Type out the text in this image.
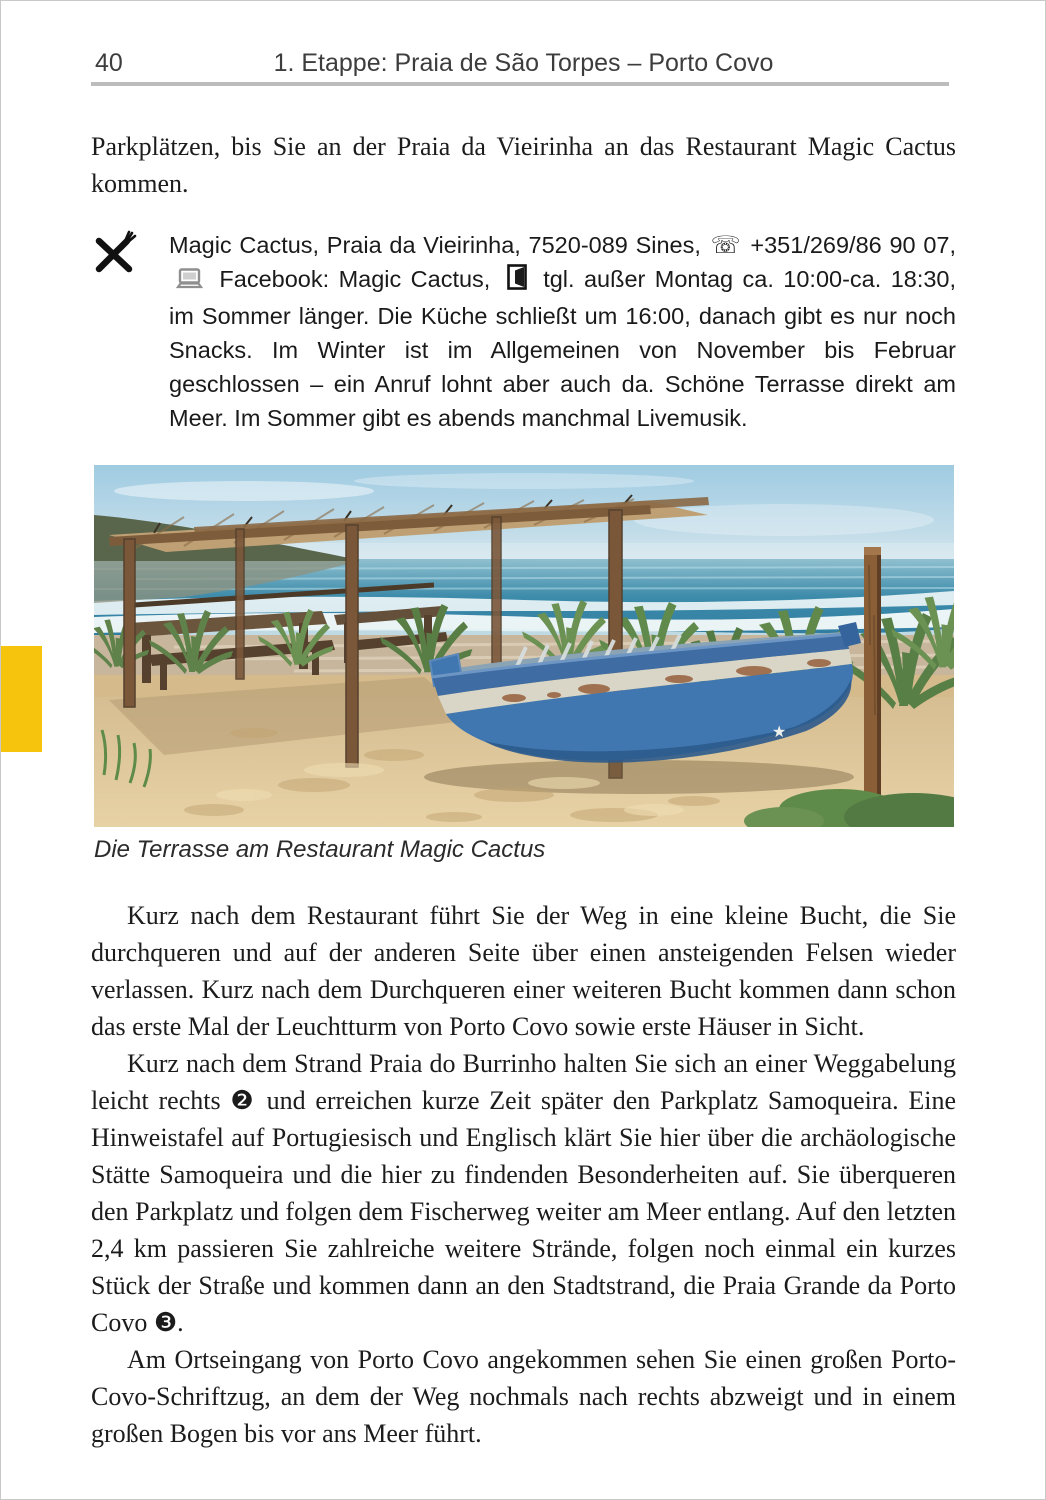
40	1. Etappe: Praia de São Torpes – Porto Covo

Parkplätzen, bis Sie an der Praia da Vieirinha an das Restaurant Magic Cactus kommen.

Magic Cactus, Praia da Vieirinha, 7520-089 Sines, ☏ +351/269/86 90 07,  Facebook: Magic Cactus, tgl. außer Montag ca. 10:00-ca. 18:30, im Sommer länger. Die Küche schließt um 16:00, danach gibt es nur noch Snacks. Im Winter ist im Allgemeinen von November bis Februar geschlossen – ein Anruf lohnt aber auch da. Schöne Terrasse direkt am Meer. Im Sommer gibt es abends manchmal Livemusik.
★
Die Terrasse am Restaurant Magic Cactus

Kurz nach dem Restaurant führt Sie der Weg in eine kleine Bucht, die Sie durchqueren und auf der anderen Seite über einen ansteigenden Felsen wieder verlassen. Kurz nach dem Durchqueren einer weiteren Bucht kommen dann schon das erste Mal der Leuchtturm von Porto Covo sowie erste Häuser in Sicht.

Kurz nach dem Strand Praia do Burrinho halten Sie sich an einer Weggabelung leicht rechts ❷ und erreichen kurze Zeit später den Parkplatz Samoqueira. Eine Hinweistafel auf Portugiesisch und Englisch klärt Sie hier über die archäologische Stätte Samoqueira und die hier zu findenden Besonderheiten auf. Sie überqueren den Parkplatz und folgen dem Fischerweg weiter am Meer entlang. Auf den letzten 2,4 km passieren Sie zahlreiche weitere Strände, folgen noch einmal ein kurzes Stück der Straße und kommen dann an den Stadtstrand, die Praia Grande da Porto Covo ❸.

Am Ortseingang von Porto Covo angekommen sehen Sie einen großen Porto-Covo-Schriftzug, an dem der Weg nochmals nach rechts abzweigt und in einem großen Bogen bis vor ans Meer führt.
